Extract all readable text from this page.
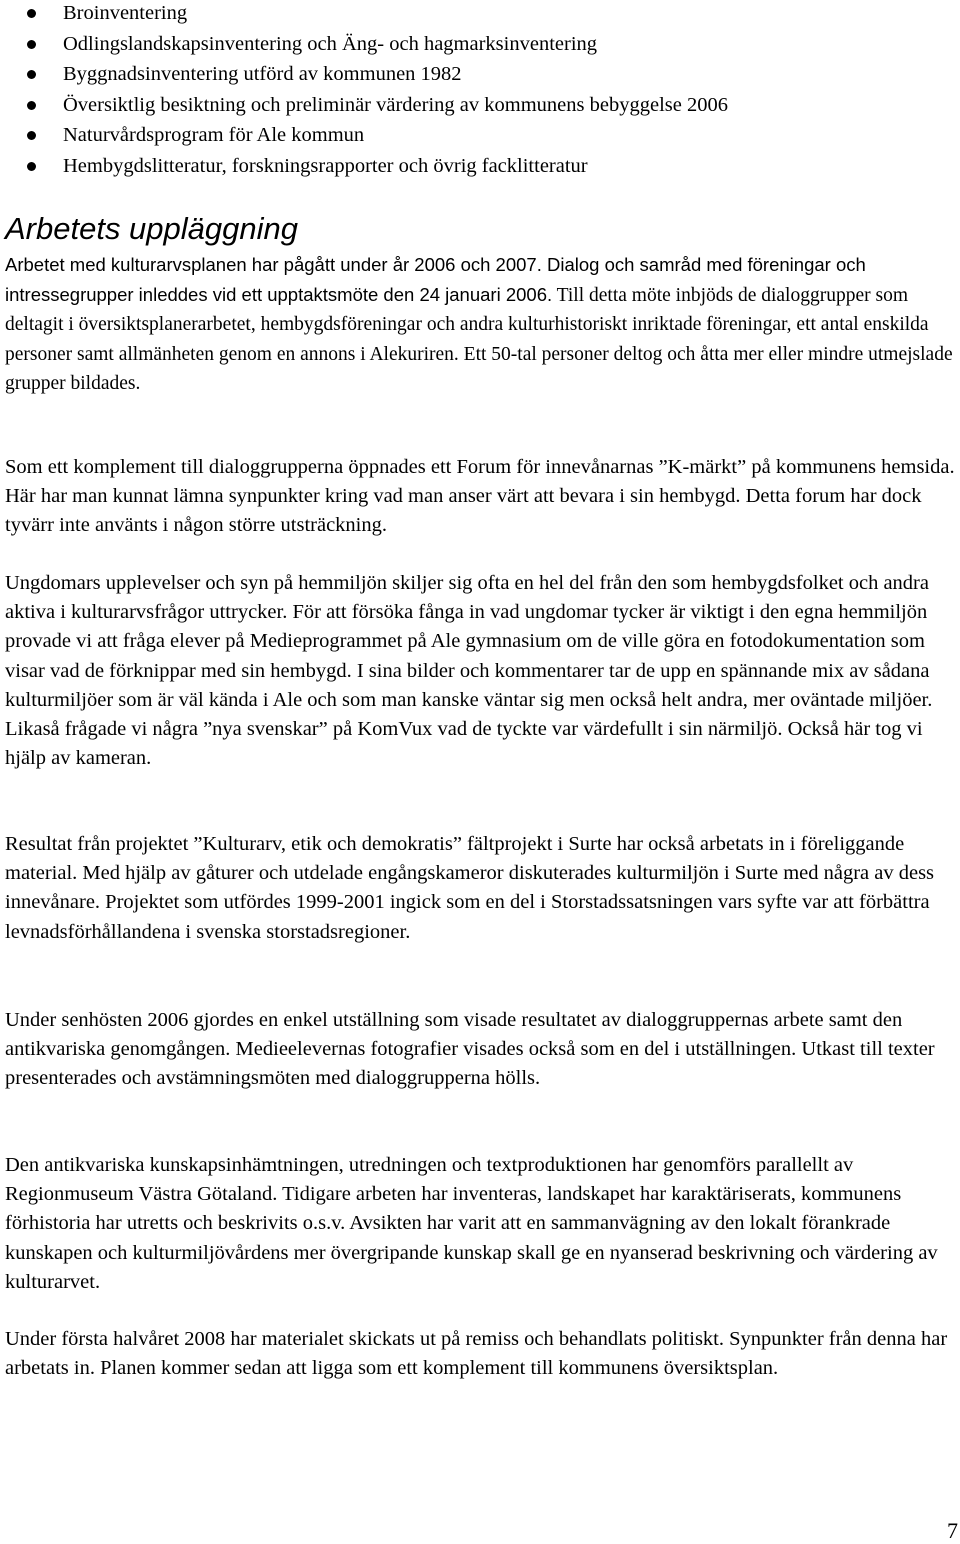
Broinventering
Odlingslandskapsinventering och Äng- och hagmarksinventering
Byggnadsinventering utförd av kommunen 1982
Översiktlig besiktning och preliminär värdering av kommunens bebyggelse 2006
Naturvårdsprogram för Ale kommun
Hembygdslitteratur, forskningsrapporter och övrig facklitteratur
Arbetets uppläggning

Arbetet med kulturarvsplanen har pågått under år 2006 och 2007. Dialog och samråd med föreningar och intressegrupper inleddes vid ett upptaktsmöte den 24 januari 2006. Till detta möte inbjöds de dialoggrupper som deltagit i översiktsplanerarbetet, hembygdsföreningar och andra kulturhistoriskt inriktade föreningar, ett antal enskilda personer samt allmänheten genom en annons i Alekuriren. Ett 50-tal personer deltog och åtta mer eller mindre utmejslade grupper bildades.

Som ett komplement till dialoggrupperna öppnades ett Forum för innevånarnas ”K-märkt” på kommunens hemsida. Här har man kunnat lämna synpunkter kring vad man anser värt att bevara i sin hembygd. Detta forum har dock tyvärr inte använts i någon större utsträckning.

Ungdomars upplevelser och syn på hemmiljön skiljer sig ofta en hel del från den som hembygdsfolket och andra aktiva i kulturarvsfrågor uttrycker. För att försöka fånga in vad ungdomar tycker är viktigt i den egna hemmiljön provade vi att fråga elever på Medieprogrammet på Ale gymnasium om de ville göra en fotodokumentation som visar vad de förknippar med sin hembygd. I sina bilder och kommentarer tar de upp en spännande mix av sådana kulturmiljöer som är väl kända i Ale och som man kanske väntar sig men också helt andra, mer oväntade miljöer. Likaså frågade vi några ”nya svenskar” på KomVux vad de tyckte var värdefullt i sin närmiljö. Också här tog vi hjälp av kameran.

Resultat från projektet ”Kulturarv, etik och demokratis” fältprojekt i Surte har också arbetats in i föreliggande material. Med hjälp av gåturer och utdelade engångskameror diskuterades kulturmiljön i Surte med några av dess innevånare. Projektet som utfördes 1999-2001 ingick som en del i Storstadssatsningen vars syfte var att förbättra levnadsförhållandena i svenska storstadsregioner.

Under senhösten 2006 gjordes en enkel utställning som visade resultatet av dialoggruppernas arbete samt den antikvariska genomgången. Medieelevernas fotografier visades också som en del i utställningen. Utkast till texter presenterades och avstämningsmöten med dialoggrupperna hölls.

Den antikvariska kunskapsinhämtningen, utredningen och textproduktionen har genomförs parallellt av Regionmuseum Västra Götaland. Tidigare arbeten har inventeras, landskapet har karaktäriserats, kommunens förhistoria har utretts och beskrivits o.s.v. Avsikten har varit att en sammanvägning av den lokalt förankrade kunskapen och kulturmiljövårdens mer övergripande kunskap skall ge en nyanserad beskrivning och värdering av kulturarvet.

Under första halvåret 2008 har materialet skickats ut på remiss och behandlats politiskt. Synpunkter från denna har arbetats in. Planen kommer sedan att ligga som ett komplement till kommunens översiktsplan.

7
